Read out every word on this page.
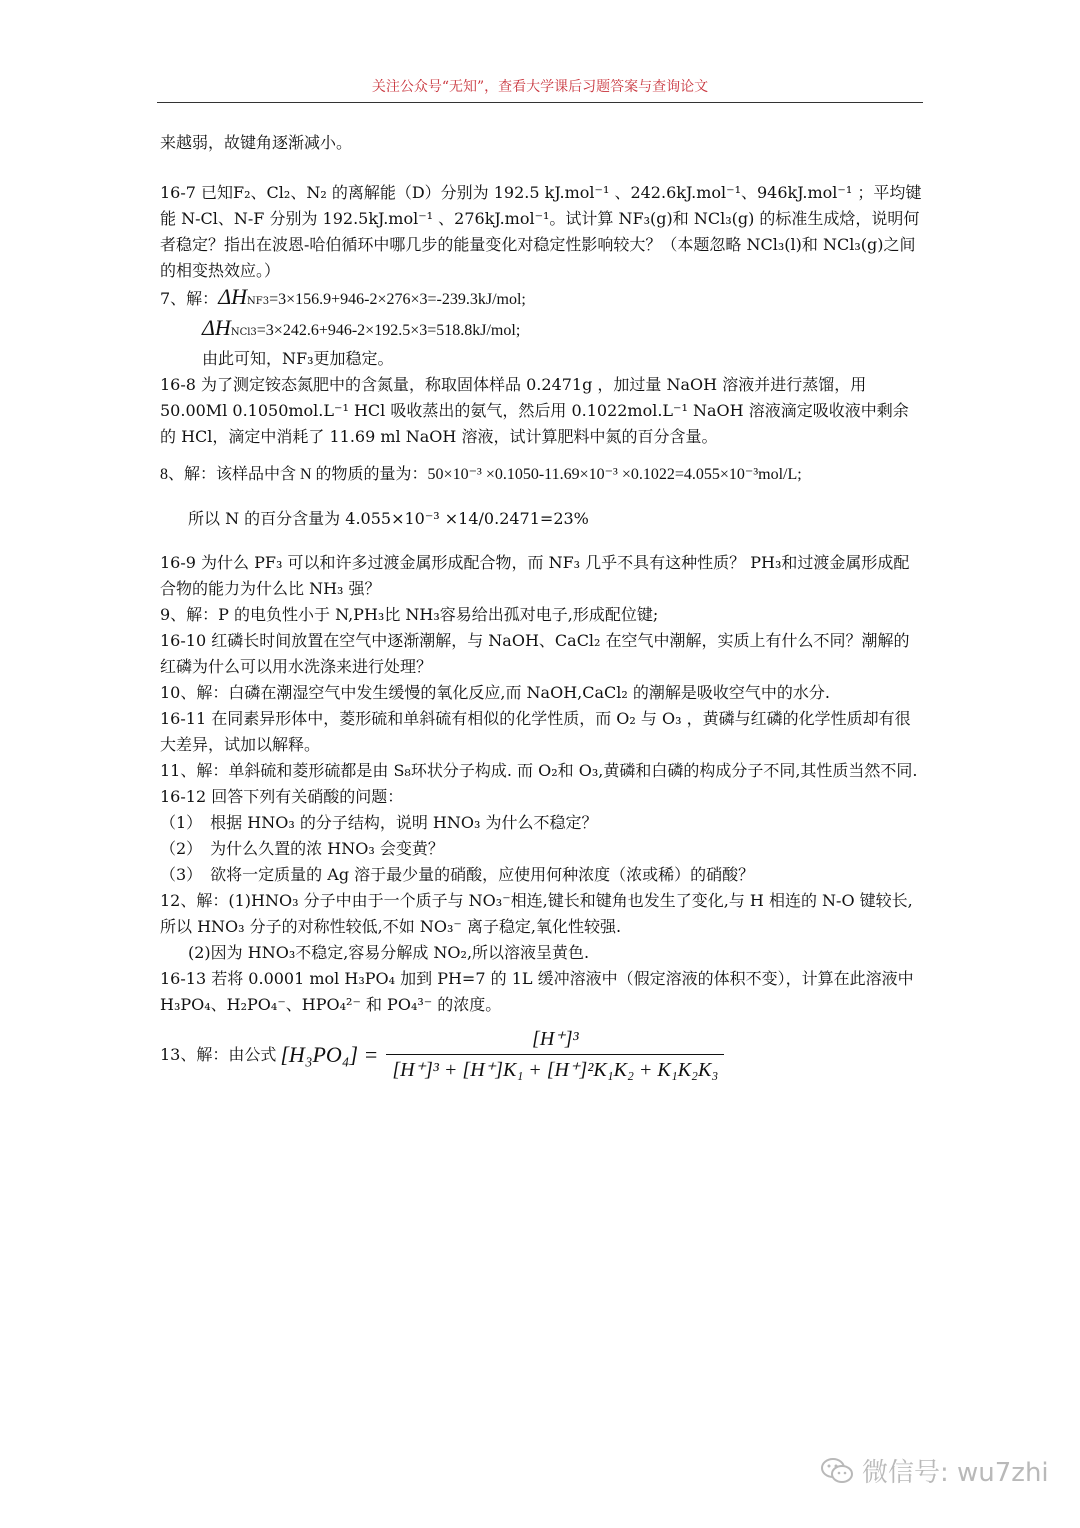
关注公众号“无知”，查看大学课后习题答案与查询论文

来越弱，故键角逐渐减小。

16-7 已知F₂、Cl₂、N₂ 的离解能（D）分别为 192.5 kJ.mol⁻¹ 、242.6kJ.mol⁻¹、946kJ.mol⁻¹ ；平均键能 N-Cl、N-F 分别为 192.5kJ.mol⁻¹ 、276kJ.mol⁻¹。试计算 NF₃(g)和 NCl₃(g) 的标准生成焓，说明何者稳定？指出在波恩-哈伯循环中哪几步的能量变化对稳定性影响较大？（本题忽略 NCl₃(l)和 NCl₃(g)之间的相变热效应。）

7、解：ΔHNF3=3×156.9+946-2×276×3=-239.3kJ/mol;

ΔHNCl3=3×242.6+946-2×192.5×3=518.8kJ/mol;

由此可知，NF₃更加稳定。

16-8 为了测定铵态氮肥中的含氮量，称取固体样品 0.2471g ，加过量 NaOH 溶液并进行蒸馏，用 50.00Ml 0.1050mol.L⁻¹ HCl 吸收蒸出的氨气，然后用 0.1022mol.L⁻¹ NaOH 溶液滴定吸收液中剩余的 HCl，滴定中消耗了 11.69 ml NaOH 溶液，试计算肥料中氮的百分含量。

8、解：该样品中含 N 的物质的量为：50×10⁻³ ×0.1050-11.69×10⁻³ ×0.1022=4.055×10⁻³mol/L;

所以 N 的百分含量为 4.055×10⁻³ ×14/0.2471=23%

16-9 为什么 PF₃ 可以和许多过渡金属形成配合物，而 NF₃ 几乎不具有这种性质？ PH₃和过渡金属形成配合物的能力为什么比 NH₃ 强？

9、解：P 的电负性小于 N,PH₃比 NH₃容易给出孤对电子,形成配位键;

16-10 红磷长时间放置在空气中逐渐潮解，与 NaOH、CaCl₂ 在空气中潮解，实质上有什么不同？潮解的红磷为什么可以用水洗涤来进行处理？

10、解：白磷在潮湿空气中发生缓慢的氧化反应,而 NaOH,CaCl₂ 的潮解是吸收空气中的水分.

16-11 在同素异形体中，菱形硫和单斜硫有相似的化学性质，而 O₂ 与 O₃ ，黄磷与红磷的化学性质却有很大差异，试加以解释。

11、解：单斜硫和菱形硫都是由 S₈环状分子构成. 而 O₂和 O₃,黄磷和白磷的构成分子不同,其性质当然不同.

16-12 回答下列有关硝酸的问题：

（1）　根据 HNO₃ 的分子结构，说明 HNO₃ 为什么不稳定？

（2）　为什么久置的浓 HNO₃ 会变黄？

（3）　欲将一定质量的 Ag 溶于最少量的硝酸，应使用何种浓度（浓或稀）的硝酸？

12、解：(1)HNO₃ 分子中由于一个质子与 NO₃⁻相连,键长和键角也发生了变化,与 H 相连的 N-O 键较长,所以 HNO₃ 分子的对称性较低,不如 NO₃⁻ 离子稳定,氧化性较强.

(2)因为 HNO₃不稳定,容易分解成 NO₂,所以溶液呈黄色.

16-13 若将 0.0001 mol H₃PO₄ 加到 PH=7 的 1L 缓冲溶液中（假定溶液的体积不变），计算在此溶液中 H₃PO₄、H₂PO₄⁻、HPO₄²⁻ 和 PO₄³⁻ 的浓度。

13、解：由公式 $[H_3PO_4] = \frac{\text{[H⁺]³}}{\text{[H⁺]³ + [H⁺]K₁ + [H⁺]²K₁K₂ + K₁K₂K₃}}$
微信号: wu7zhi
